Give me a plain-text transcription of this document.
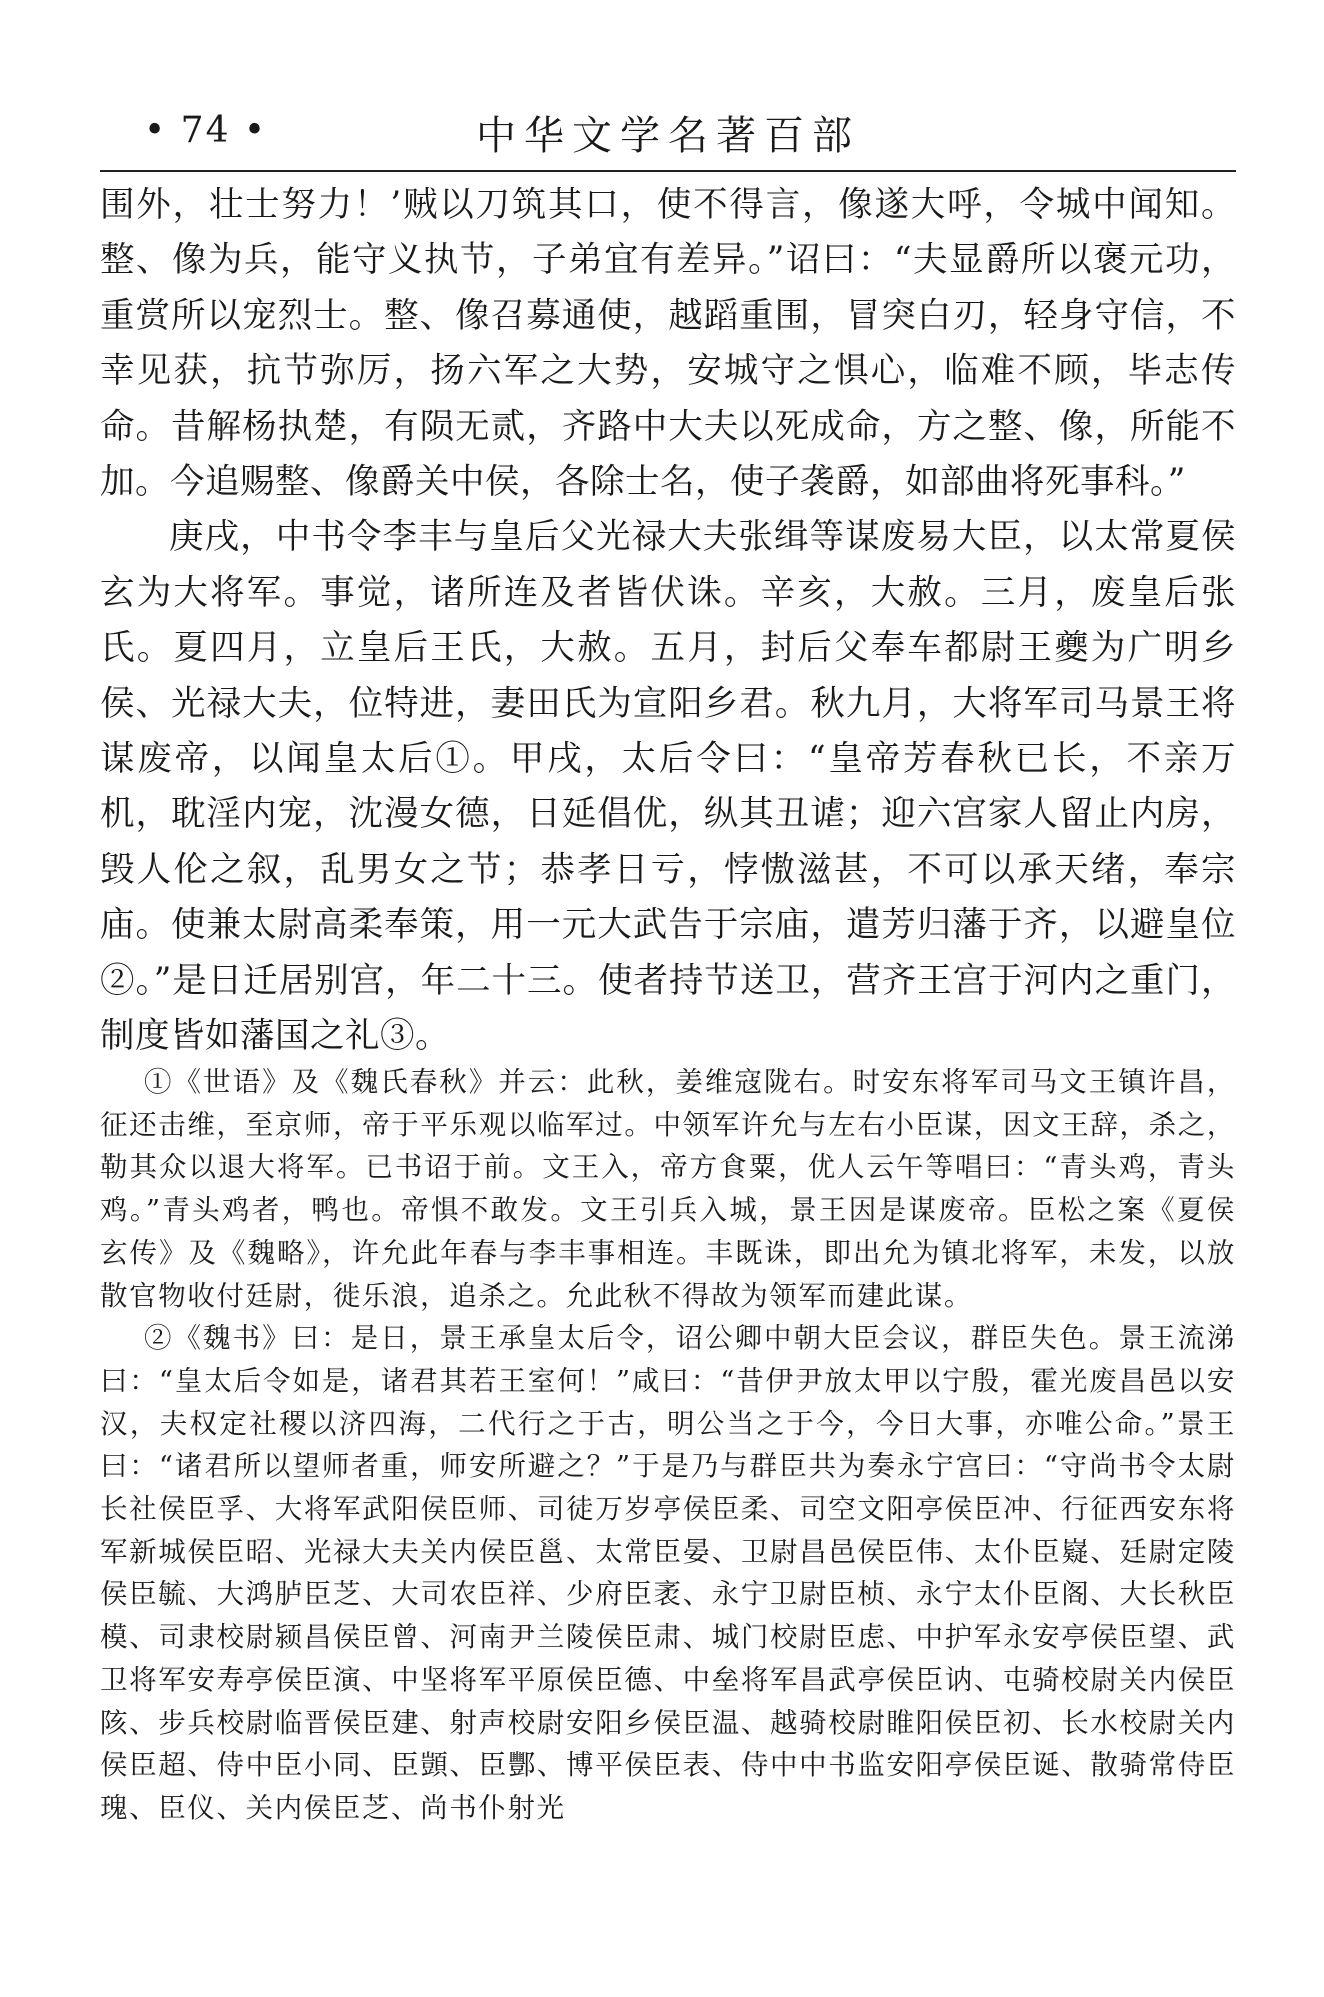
• 74 •	中华文学名著百部

围外，壮士努力！’贼以刀筑其口，使不得言，像遂大呼，令城中闻知。整、像为兵，能守义执节，子弟宜有差异。”诏曰：“夫显爵所以褒元功，重赏所以宠烈士。整、像召募通使，越蹈重围，冒突白刃，轻身守信，不幸见获，抗节弥厉，扬六军之大势，安城守之惧心，临难不顾，毕志传命。昔解杨执楚，有陨无贰，齐路中大夫以死成命，方之整、像，所能不加。今追赐整、像爵关中侯，各除士名，使子袭爵，如部曲将死事科。”

庚戌，中书令李丰与皇后父光禄大夫张缉等谋废易大臣，以太常夏侯玄为大将军。事觉，诸所连及者皆伏诛。辛亥，大赦。三月，废皇后张氏。夏四月，立皇后王氏，大赦。五月，封后父奉车都尉王夔为广明乡侯、光禄大夫，位特进，妻田氏为宣阳乡君。秋九月，大将军司马景王将谋废帝，以闻皇太后①。甲戌，太后令曰：“皇帝芳春秋已长，不亲万机，耽淫内宠，沈漫女德，日延倡优，纵其丑谑；迎六宫家人留止内房，毁人伦之叙，乱男女之节；恭孝日亏，悖慠滋甚，不可以承天绪，奉宗庙。使兼太尉高柔奉策，用一元大武告于宗庙，遣芳归藩于齐，以避皇位②。”是日迁居别宫，年二十三。使者持节送卫，营齐王宫于河内之重门，制度皆如藩国之礼③。

①《世语》及《魏氏春秋》并云：此秋，姜维寇陇右。时安东将军司马文王镇许昌，征还击维，至京师，帝于平乐观以临军过。中领军许允与左右小臣谋，因文王辞，杀之，勒其众以退大将军。已书诏于前。文王入，帝方食粟，优人云午等唱曰：“青头鸡，青头鸡。”青头鸡者，鸭也。帝惧不敢发。文王引兵入城，景王因是谋废帝。臣松之案《夏侯玄传》及《魏略》，许允此年春与李丰事相连。丰既诛，即出允为镇北将军，未发，以放散官物收付廷尉，徙乐浪，追杀之。允此秋不得故为领军而建此谋。

②《魏书》曰：是日，景王承皇太后令，诏公卿中朝大臣会议，群臣失色。景王流涕曰：“皇太后令如是，诸君其若王室何！”咸曰：“昔伊尹放太甲以宁殷，霍光废昌邑以安汉，夫权定社稷以济四海，二代行之于古，明公当之于今，今日大事，亦唯公命。”景王曰：“诸君所以望师者重，师安所避之？”于是乃与群臣共为奏永宁宫曰：“守尚书令太尉长社侯臣孚、大将军武阳侯臣师、司徒万岁亭侯臣柔、司空文阳亭侯臣冲、行征西安东将军新城侯臣昭、光禄大夫关内侯臣邕、太常臣晏、卫尉昌邑侯臣伟、太仆臣嶷、廷尉定陵侯臣毓、大鸿胪臣芝、大司农臣祥、少府臣袤、永宁卫尉臣桢、永宁太仆臣阁、大长秋臣模、司隶校尉颍昌侯臣曾、河南尹兰陵侯臣肃、城门校尉臣虑、中护军永安亭侯臣望、武卫将军安寿亭侯臣演、中坚将军平原侯臣德、中垒将军昌武亭侯臣讷、屯骑校尉关内侯臣陔、步兵校尉临晋侯臣建、射声校尉安阳乡侯臣温、越骑校尉睢阳侯臣初、长水校尉关内侯臣超、侍中臣小同、臣顗、臣酆、博平侯臣表、侍中中书监安阳亭侯臣诞、散骑常侍臣瑰、臣仪、关内侯臣芝、尚书仆射光
